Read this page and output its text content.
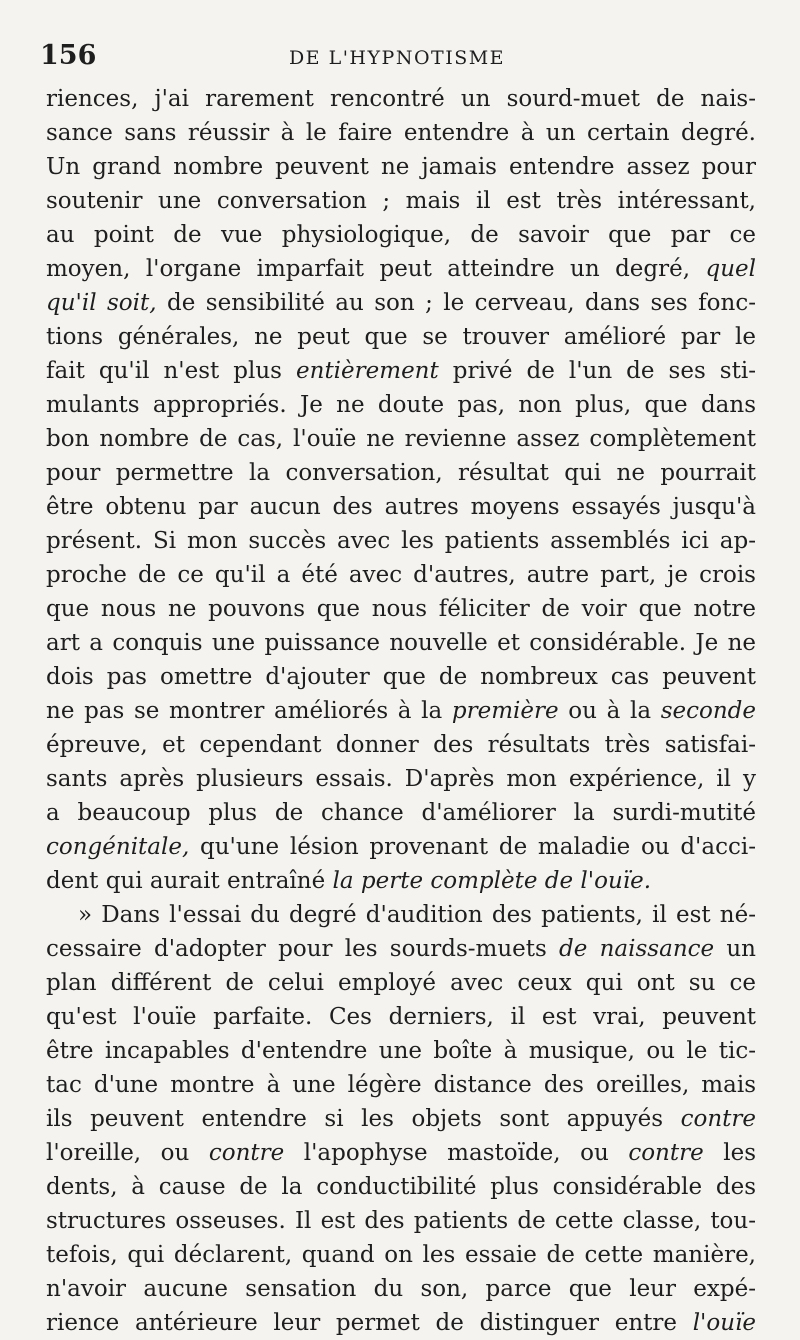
156	DE L'HYPNOTISME
riences, j'ai rarement rencontré un sourd-muet de nais-
sance sans réussir à le faire entendre à un certain degré.
Un grand nombre peuvent ne jamais entendre assez pour
soutenir une conversation ; mais il est très intéressant,
au point de vue physiologique, de savoir que par ce
moyen, l'organe imparfait peut atteindre un degré, quel
qu'il soit, de sensibilité au son ; le cerveau, dans ses fonc-
tions générales, ne peut que se trouver amélioré par le
fait qu'il n'est plus entièrement privé de l'un de ses sti-
mulants appropriés. Je ne doute pas, non plus, que dans
bon nombre de cas, l'ouïe ne revienne assez complètement
pour permettre la conversation, résultat qui ne pourrait
être obtenu par aucun des autres moyens essayés jusqu'à
présent. Si mon succès avec les patients assemblés ici ap-
proche de ce qu'il a été avec d'autres, autre part, je crois
que nous ne pouvons que nous féliciter de voir que notre
art a conquis une puissance nouvelle et considérable. Je ne
dois pas omettre d'ajouter que de nombreux cas peuvent
ne pas se montrer améliorés à la première ou à la seconde
épreuve, et cependant donner des résultats très satisfai-
sants après plusieurs essais. D'après mon expérience, il y
a beaucoup plus de chance d'améliorer la surdi-mutité
congénitale, qu'une lésion provenant de maladie ou d'acci-
dent qui aurait entraîné la perte complète de l'ouïe.
» Dans l'essai du degré d'audition des patients, il est né-
cessaire d'adopter pour les sourds-muets de naissance un
plan différent de celui employé avec ceux qui ont su ce
qu'est l'ouïe parfaite. Ces derniers, il est vrai, peuvent
être incapables d'entendre une boîte à musique, ou le tic-
tac d'une montre à une légère distance des oreilles, mais
ils peuvent entendre si les objets sont appuyés contre
l'oreille, ou contre l'apophyse mastoïde, ou contre les
dents, à cause de la conductibilité plus considérable des
structures osseuses. Il est des patients de cette classe, tou-
tefois, qui déclarent, quand on les essaie de cette manière,
n'avoir aucune sensation du son, parce que leur expé-
rience antérieure leur permet de distinguer entre l'ouïe
